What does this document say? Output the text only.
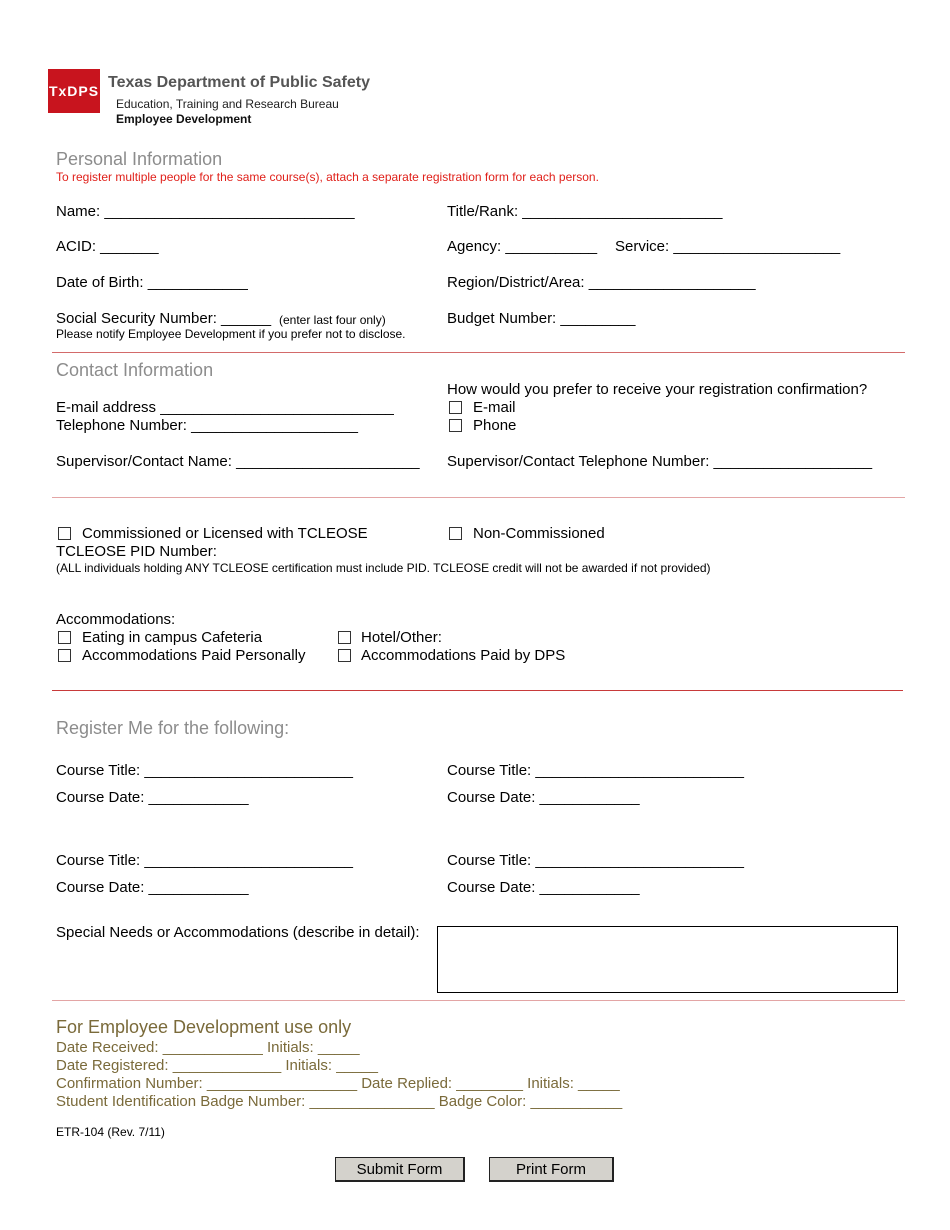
TxDPS Texas Department of Public Safety
Education, Training and Research Bureau
Employee Development
Personal Information
To register multiple people for the same course(s), attach a separate registration form for each person.
Name: ______________________________	Title/Rank: ________________________
ACID: _______	Agency: ___________ Service: ____________________
Date of Birth: ____________	Region/District/Area: ____________________
Social Security Number: ______ (enter last four only)
Please notify Employee Development if you prefer not to disclose.
Budget Number: _________
Contact Information
How would you prefer to receive your registration confirmation?
E-mail address ____________________________	E-mail
Telephone Number: ____________________	Phone
Supervisor/Contact Name: ______________________ Supervisor/Contact Telephone Number: ___________________
Commissioned or Licensed with TCLEOSE	Non-Commissioned
TCLEOSE PID Number:
(ALL individuals holding ANY TCLEOSE certification must include PID. TCLEOSE credit will not be awarded if not provided)
Accommodations:
Eating in campus Cafeteria	Hotel/Other:
Accommodations Paid Personally	Accommodations Paid by DPS
Register Me for the following:
Course Title: _________________________	Course Title: _________________________
Course Date: ____________	Course Date: ____________
Course Title: _________________________	Course Title: _________________________
Course Date: ____________	Course Date: ____________
Special Needs or Accommodations (describe in detail):
For Employee Development use only
Date Received: ____________ Initials: _____
Date Registered: _____________ Initials: _____
Confirmation Number: __________________ Date Replied: ________ Initials: _____
Student Identification Badge Number: _______________ Badge Color: ___________
ETR-104 (Rev. 7/11)
Submit Form	Print Form
